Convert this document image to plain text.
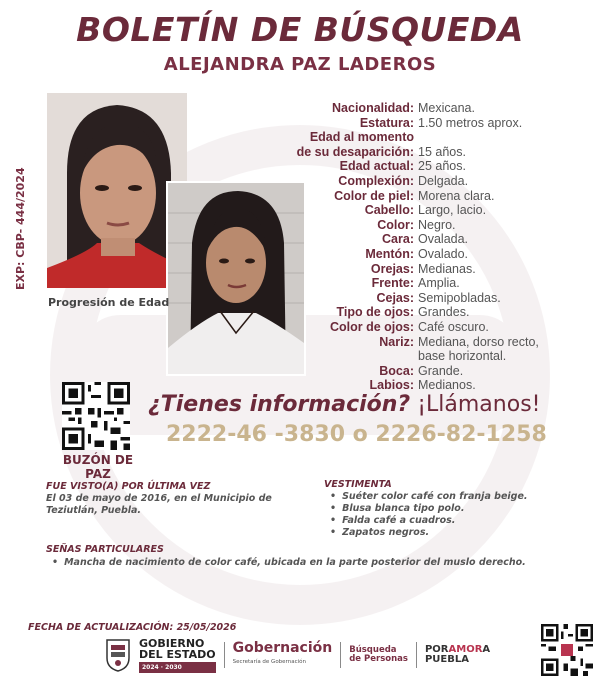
BOLETÍN DE BÚSQUEDA
ALEJANDRA PAZ LADEROS
EXP: CBP- 444/2024
Progresión de Edad
Nacionalidad: Mexicana.
Estatura: 1.50 metros aprox.
Edad al momento
de su desaparición: 15 años.
Edad actual: 25 años.
Complexión: Delgada.
Color de piel: Morena clara.
Cabello: Largo, lacio.
Color: Negro.
Cara: Ovalada.
Mentón: Ovalado.
Orejas: Medianas.
Frente: Amplia.
Cejas: Semipobladas.
Tipo de ojos: Grandes.
Color de ojos: Café oscuro.
Nariz: Mediana, dorso recto,
base horizontal.
Boca: Grande.
Labios: Medianos.
BUZÓN DE PAZ
¿Tienes información? ¡Llámanos!
2222-46 -3830 o 2226-82-1258
FUE VISTO(A) POR ÚLTIMA VEZ
El 03 de mayo de 2016, en el Municipio de
Teziutlán, Puebla.
VESTIMENTA
• Suéter color café con franja beige.
• Blusa blanca tipo polo.
• Falda café a cuadros.
• Zapatos negros.
SEÑAS PARTICULARES
• Mancha de nacimiento de color café, ubicada en la parte posterior del muslo derecho.
FECHA DE ACTUALIZACIÓN: 25/05/2026
GOBIERNO
DEL ESTADO
2024 · 2030
Gobernación
Secretaría de Gobernación
Búsqueda
de Personas
PORAMORA
PUEBLA
